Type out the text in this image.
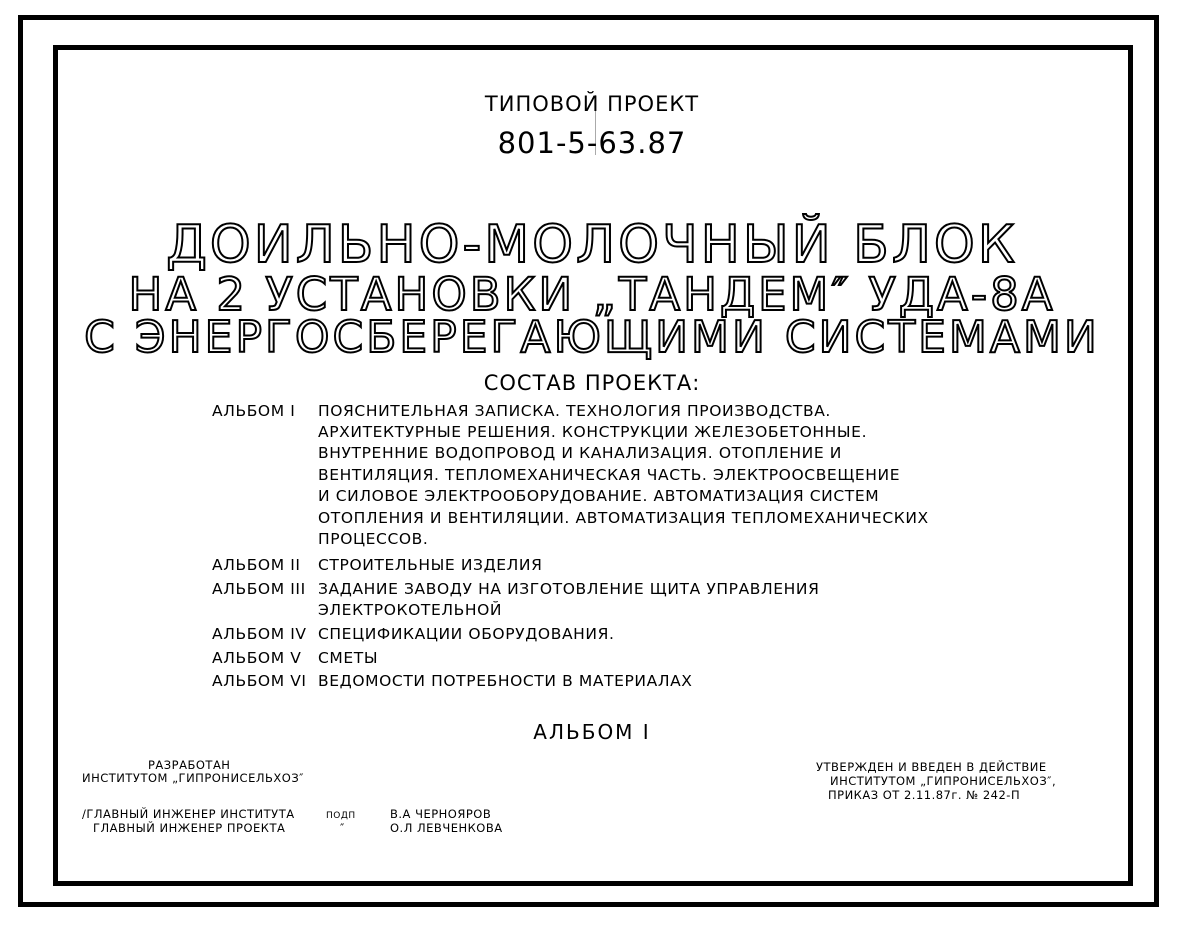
ТИПОВОЙ ПРОЕКТ
801-5-63.87
ДОИЛЬНО-МОЛОЧНЫЙ БЛОК
НА 2 УСТАНОВКИ „ТАНДЕМ″ УДА-8А
С ЭНЕРГОСБЕРЕГАЮЩИМИ СИСТЕМАМИ
СОСТАВ ПРОЕКТА:
АЛЬБОМ I ПОЯСНИТЕЛЬНАЯ ЗАПИСКА. ТЕХНОЛОГИЯ ПРОИЗВОДСТВА.
АРХИТЕКТУРНЫЕ РЕШЕНИЯ. КОНСТРУКЦИИ ЖЕЛЕЗОБЕТОННЫЕ.
ВНУТРЕННИЕ ВОДОПРОВОД И КАНАЛИЗАЦИЯ. ОТОПЛЕНИЕ И
ВЕНТИЛЯЦИЯ. ТЕПЛОМЕХАНИЧЕСКАЯ ЧАСТЬ. ЭЛЕКТРООСВЕЩЕНИЕ
И СИЛОВОЕ ЭЛЕКТРООБОРУДОВАНИЕ. АВТОМАТИЗАЦИЯ СИСТЕМ
ОТОПЛЕНИЯ И ВЕНТИЛЯЦИИ. АВТОМАТИЗАЦИЯ ТЕПЛОМЕХАНИЧЕСКИХ
ПРОЦЕССОВ.
АЛЬБОМ II СТРОИТЕЛЬНЫЕ ИЗДЕЛИЯ
АЛЬБОМ III ЗАДАНИЕ ЗАВОДУ НА ИЗГОТОВЛЕНИЕ ЩИТА УПРАВЛЕНИЯ
ЭЛЕКТРОКОТЕЛЬНОЙ
АЛЬБОМ IV СПЕЦИФИКАЦИИ ОБОРУДОВАНИЯ.
АЛЬБОМ V СМЕТЫ
АЛЬБОМ VI ВЕДОМОСТИ ПОТРЕБНОСТИ В МАТЕРИАЛАХ
АЛЬБОМ I
РАЗРАБОТАН
ИНСТИТУТОМ „ГИПРОНИСЕЛЬХОЗ″
УТВЕРЖДЕН И ВВЕДЕН В ДЕЙСТВИЕ
ИНСТИТУТОМ „ГИПРОНИСЕЛЬХОЗ″,
ПРИКАЗ ОТ 2.11.87г. № 242-П
/ГЛАВНЫЙ ИНЖЕНЕР ИНСТИТУТА
ГЛАВНЫЙ ИНЖЕНЕР ПРОЕКТА
ПОДП
″
В.А ЧЕРНОЯРОВ
О.Л ЛЕВЧЕНКОВА
